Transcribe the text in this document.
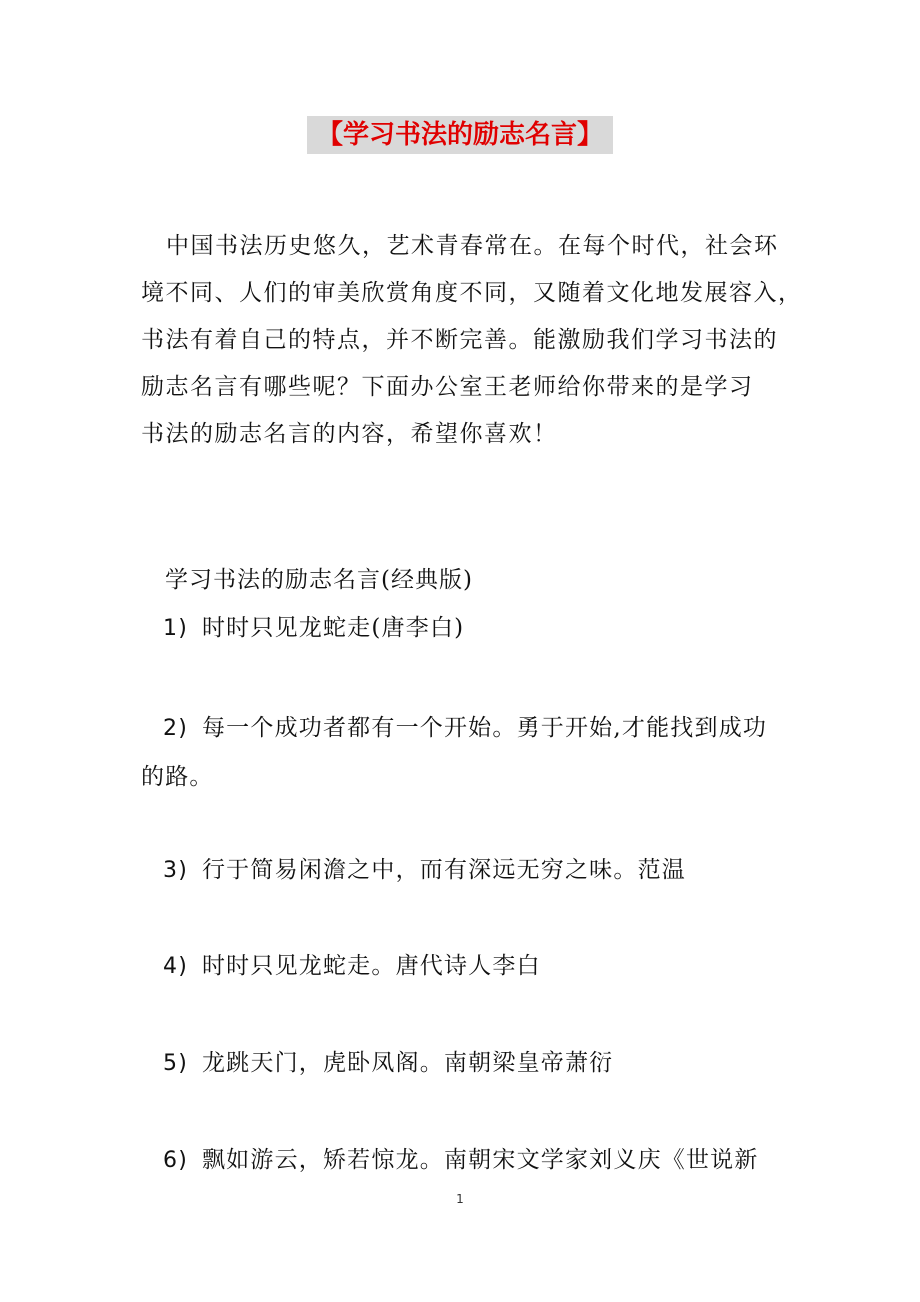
【学习书法的励志名言】

中国书法历史悠久，艺术青春常在。在每个时代，社会环
境不同、人们的审美欣赏角度不同，又随着文化地发展容入，
书法有着自己的特点，并不断完善。能激励我们学习书法的
励志名言有哪些呢？下面办公室王老师给你带来的是学习
书法的励志名言的内容，希望你喜欢！

学习书法的励志名言(经典版)
1) 时时只见龙蛇走(唐李白)
2) 每一个成功者都有一个开始。勇于开始,才能找到成功
的路。
3) 行于简易闲澹之中，而有深远无穷之味。范温
4) 时时只见龙蛇走。唐代诗人李白
5) 龙跳天门，虎卧凤阁。南朝梁皇帝萧衍
6) 飘如游云，矫若惊龙。南朝宋文学家刘义庆《世说新
1
